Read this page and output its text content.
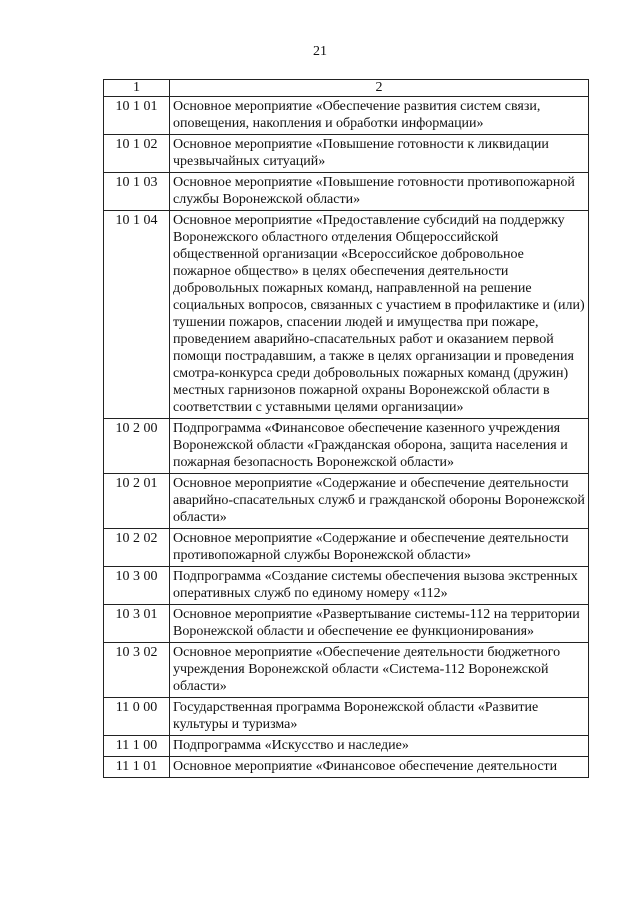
21
1	2
10 1 01	Основное мероприятие «Обеспечение развития систем связи, оповещения, накопления и обработки информации»
10 1 02	Основное мероприятие «Повышение готовности к ликвидации чрезвычайных ситуаций»
10 1 03	Основное мероприятие «Повышение готовности противопожарной службы Воронежской области»
10 1 04	Основное мероприятие «Предоставление субсидий на поддержку Воронежского областного отделения Общероссийской общественной организации «Всероссийское добровольное пожарное общество» в целях обеспечения деятельности добровольных пожарных команд, направленной на решение социальных вопросов, связанных с участием в профилактике и (или) тушении пожаров, спасении людей и имущества при пожаре, проведением аварийно-спасательных работ и оказанием первой помощи пострадавшим, а также в целях организации и проведения смотра-конкурса среди добровольных пожарных команд (дружин) местных гарнизонов пожарной охраны Воронежской области в соответствии с уставными целями организации»
10 2 00	Подпрограмма «Финансовое обеспечение казенного учреждения Воронежской области «Гражданская оборона, защита населения и пожарная безопасность Воронежской области»
10 2 01	Основное мероприятие «Содержание и обеспечение деятельности аварийно-спасательных служб и гражданской обороны Воронежской области»
10 2 02	Основное мероприятие «Содержание и обеспечение деятельности противопожарной службы Воронежской области»
10 3 00	Подпрограмма «Создание системы обеспечения вызова экстренных оперативных служб по единому номеру «112»
10 3 01	Основное мероприятие «Развертывание системы-112 на территории Воронежской области и обеспечение ее функционирования»
10 3 02	Основное мероприятие «Обеспечение деятельности бюджетного учреждения Воронежской области «Система-112 Воронежской области»
11 0 00	Государственная программа Воронежской области «Развитие культуры и туризма»
11 1 00	Подпрограмма «Искусство и наследие»
11 1 01	Основное мероприятие «Финансовое обеспечение деятельности
